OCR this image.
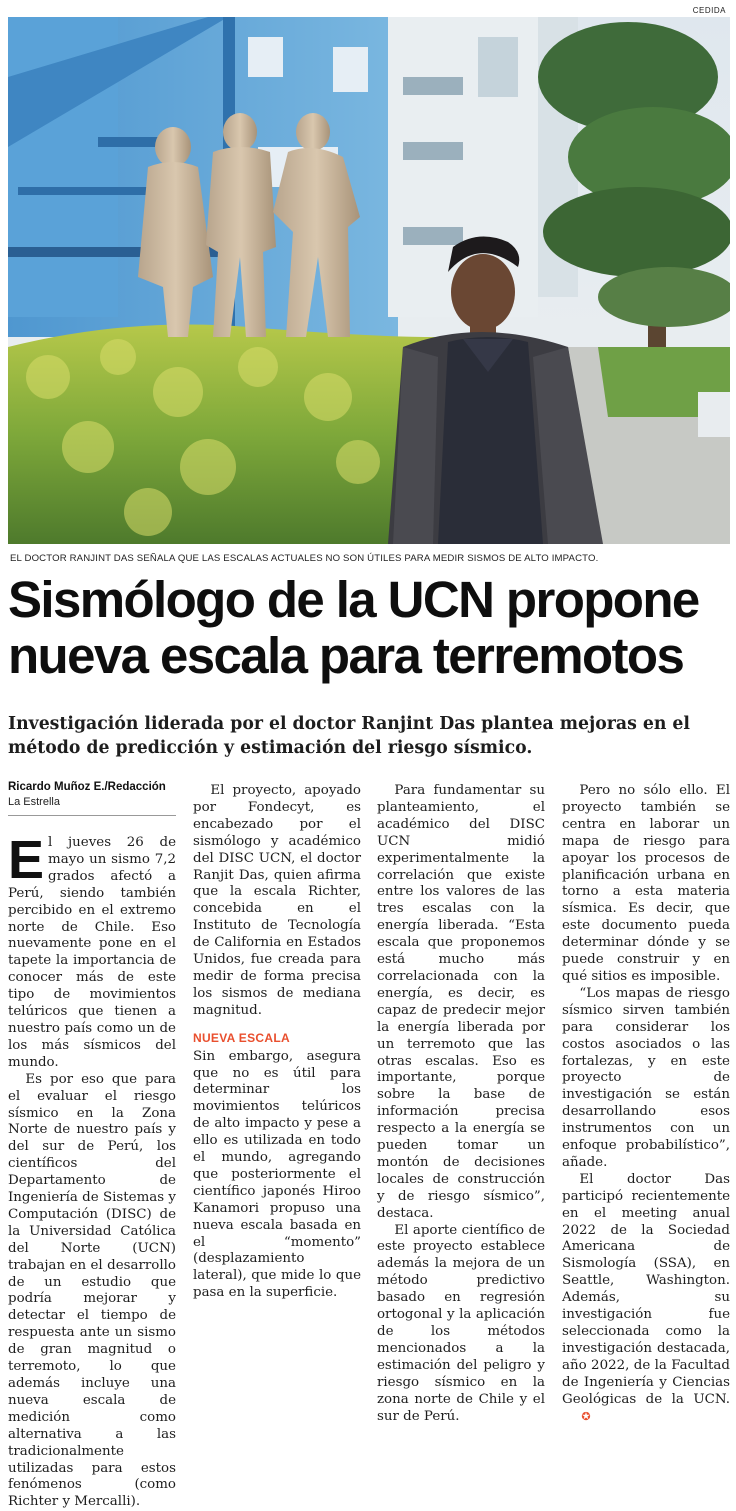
CEDIDA
EL DOCTOR RANJINT DAS SEÑALA QUE LAS ESCALAS ACTUALES NO SON ÚTILES PARA MEDIR SISMOS DE ALTO IMPACTO.
Sismólogo de la UCN propone nueva escala para terremotos
Investigación liderada por el doctor Ranjint Das plantea mejoras en el método de predicción y estimación del riesgo sísmico.
Ricardo Muñoz E./Redacción
La Estrella

El jueves 26 de mayo un sismo 7,2 grados afectó a Perú, siendo también percibido en el extremo norte de Chile. Eso nuevamente pone en el tapete la importancia de conocer más de este tipo de movimientos telúricos que tienen a nuestro país como un de los más sísmicos del mundo.

Es por eso que para el evaluar el riesgo sísmico en la Zona Norte de nuestro país y del sur de Perú, los científicos del Departamento de Ingeniería de Sistemas y Computación (DISC) de la Universidad Católica del Norte (UCN) trabajan en el desarrollo de un estudio que podría mejorar y detectar el tiempo de respuesta ante un sismo de gran magnitud o terremoto, lo que además incluye una nueva escala de medición como alternativa a las tradicionalmente utilizadas para estos fenómenos (como Richter y Mercalli).

El proyecto, apoyado por Fondecyt, es encabezado por el sismólogo y académico del DISC UCN, el doctor Ranjit Das, quien afirma que la escala Richter, concebida en el Instituto de Tecnología de California en Estados Unidos, fue creada para medir de forma precisa los sismos de mediana magnitud.

NUEVA ESCALA

Sin embargo, asegura que no es útil para determinar los movimientos telúricos de alto impacto y pese a ello es utilizada en todo el mundo, agregando que posteriormente el científico japonés Hiroo Kanamori propuso una nueva escala basada en el “momento” (desplazamiento lateral), que mide lo que pasa en la superficie.

Para fundamentar su planteamiento, el académico del DISC UCN midió experimentalmente la correlación que existe entre los valores de las tres escalas con la energía liberada. “Esta escala que proponemos está mucho más correlacionada con la energía, es decir, es capaz de predecir mejor la energía liberada por un terremoto que las otras escalas. Eso es importante, porque sobre la base de información precisa respecto a la energía se pueden tomar un montón de decisiones locales de construcción y de riesgo sísmico”, destaca.

El aporte científico de este proyecto establece además la mejora de un método predictivo basado en regresión ortogonal y la aplicación de los métodos mencionados a la estimación del peligro y riesgo sísmico en la zona norte de Chile y el sur de Perú.

Pero no sólo ello. El proyecto también se centra en laborar un mapa de riesgo para apoyar los procesos de planificación urbana en torno a esta materia sísmica. Es decir, que este documento pueda determinar dónde y se puede construir y en qué sitios es imposible.

“Los mapas de riesgo sísmico sirven también para considerar los costos asociados o las fortalezas, y en este proyecto de investigación se están desarrollando esos instrumentos con un enfoque probabilístico”, añade.

El doctor Das participó recientemente en el meeting anual 2022 de la Sociedad Americana de Sismología (SSA), en Seattle, Washington. Además, su investigación fue seleccionada como la investigación destacada, año 2022, de la Facultad de Ingeniería y Ciencias Geológicas de la UCN.✪
